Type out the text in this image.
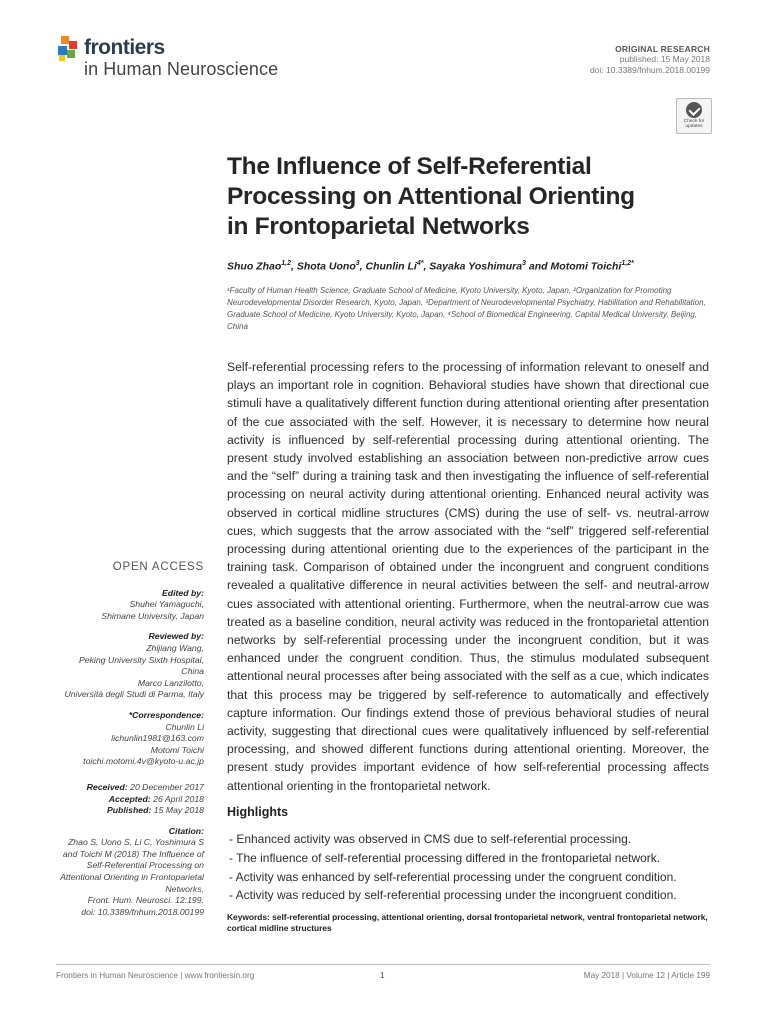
frontiers
in Human Neuroscience
ORIGINAL RESEARCH
published: 15 May 2018
doi: 10.3389/fnhum.2018.00199
Check for
updates
The Influence of Self-Referential
Processing on Attentional Orienting
in Frontoparietal Networks
Shuo Zhao$^{1,2}$, Shota Uono$^3$, Chunlin $Li^{4*}$, Sayaka Yoshimura$^3$ and Motomi Toichi$^{1,2*}$
¹Faculty of Human Health Science, Graduate School of Medicine, Kyoto University, Kyoto, Japan, ²Organization for Promoting Neurodevelopmental Disorder Research, Kyoto, Japan, ³Department of Neurodevelopmental Psychiatry, Habilitation and Rehabilitation, Graduate School of Medicine, Kyoto University, Kyoto, Japan, ⁴School of Biomedical Engineering, Capital Medical University, Beijing, China
Self-referential processing refers to the processing of information relevant to oneself and plays an important role in cognition. Behavioral studies have shown that directional cue stimuli have a qualitatively different function during attentional orienting after presentation of the cue associated with the self. However, it is necessary to determine how neural activity is influenced by self-referential processing during attentional orienting. The present study involved establishing an association between non-predictive arrow cues and the “self” during a training task and then investigating the influence of self-referential processing on neural activity during attentional orienting. Enhanced neural activity was observed in cortical midline structures (CMS) during the use of self- vs. neutral-arrow cues, which suggests that the arrow associated with the “self” triggered self-referential processing during attentional orienting due to the experiences of the participant in the training task. Comparison of obtained under the incongruent and congruent conditions revealed a qualitative difference in neural activities between the self- and neutral-arrow cues associated with attentional orienting. Furthermore, when the neutral-arrow cue was treated as a baseline condition, neural activity was reduced in the frontoparietal attention networks by self-referential processing under the incongruent condition, but it was enhanced under the congruent condition. Thus, the stimulus modulated subsequent attentional neural processes after being associated with the self as a cue, which indicates that this process may be triggered by self-reference to automatically and effectively capture information. Our findings extend those of previous behavioral studies of neural activity, suggesting that directional cues were qualitatively influenced by self-referential processing, and showed different functions during attentional orienting. Moreover, the present study provides important evidence of how self-referential processing affects attentional orienting in the frontoparietal network.
Highlights
- Enhanced activity was observed in CMS due to self-referential processing.
- The influence of self-referential processing differed in the frontoparietal network.
- Activity was enhanced by self-referential processing under the congruent condition.
- Activity was reduced by self-referential processing under the incongruent condition.
Keywords: self-referential processing, attentional orienting, dorsal frontoparietal network, ventral frontoparietal network, cortical midline structures
OPEN ACCESS
Edited by:
Shuhei Yamaguchi,
Shimane University, Japan
Reviewed by:
Zhijiang Wang,
Peking University Sixth Hospital,
China
Marco Lanzilotto,
Università degli Studi di Parma, Italy
*Correspondence:
Chunlin Li
lichunlin1981@163.com
Motomi Toichi
toichi.motomi.4v@kyoto-u.ac.jp
Received: 20 December 2017
Accepted: 26 April 2018
Published: 15 May 2018
Citation:
Zhao S, Uono S, Li C, Yoshimura S
and Toichi M (2018) The Influence of
Self-Referential Processing on
Attentional Orienting in Frontoparietal
Networks.
Front. Hum. Neurosci. 12:199.
doi: 10.3389/fnhum.2018.00199
Frontiers in Human Neuroscience | www.frontiersin.org	1	May 2018 | Volume 12 | Article 199
